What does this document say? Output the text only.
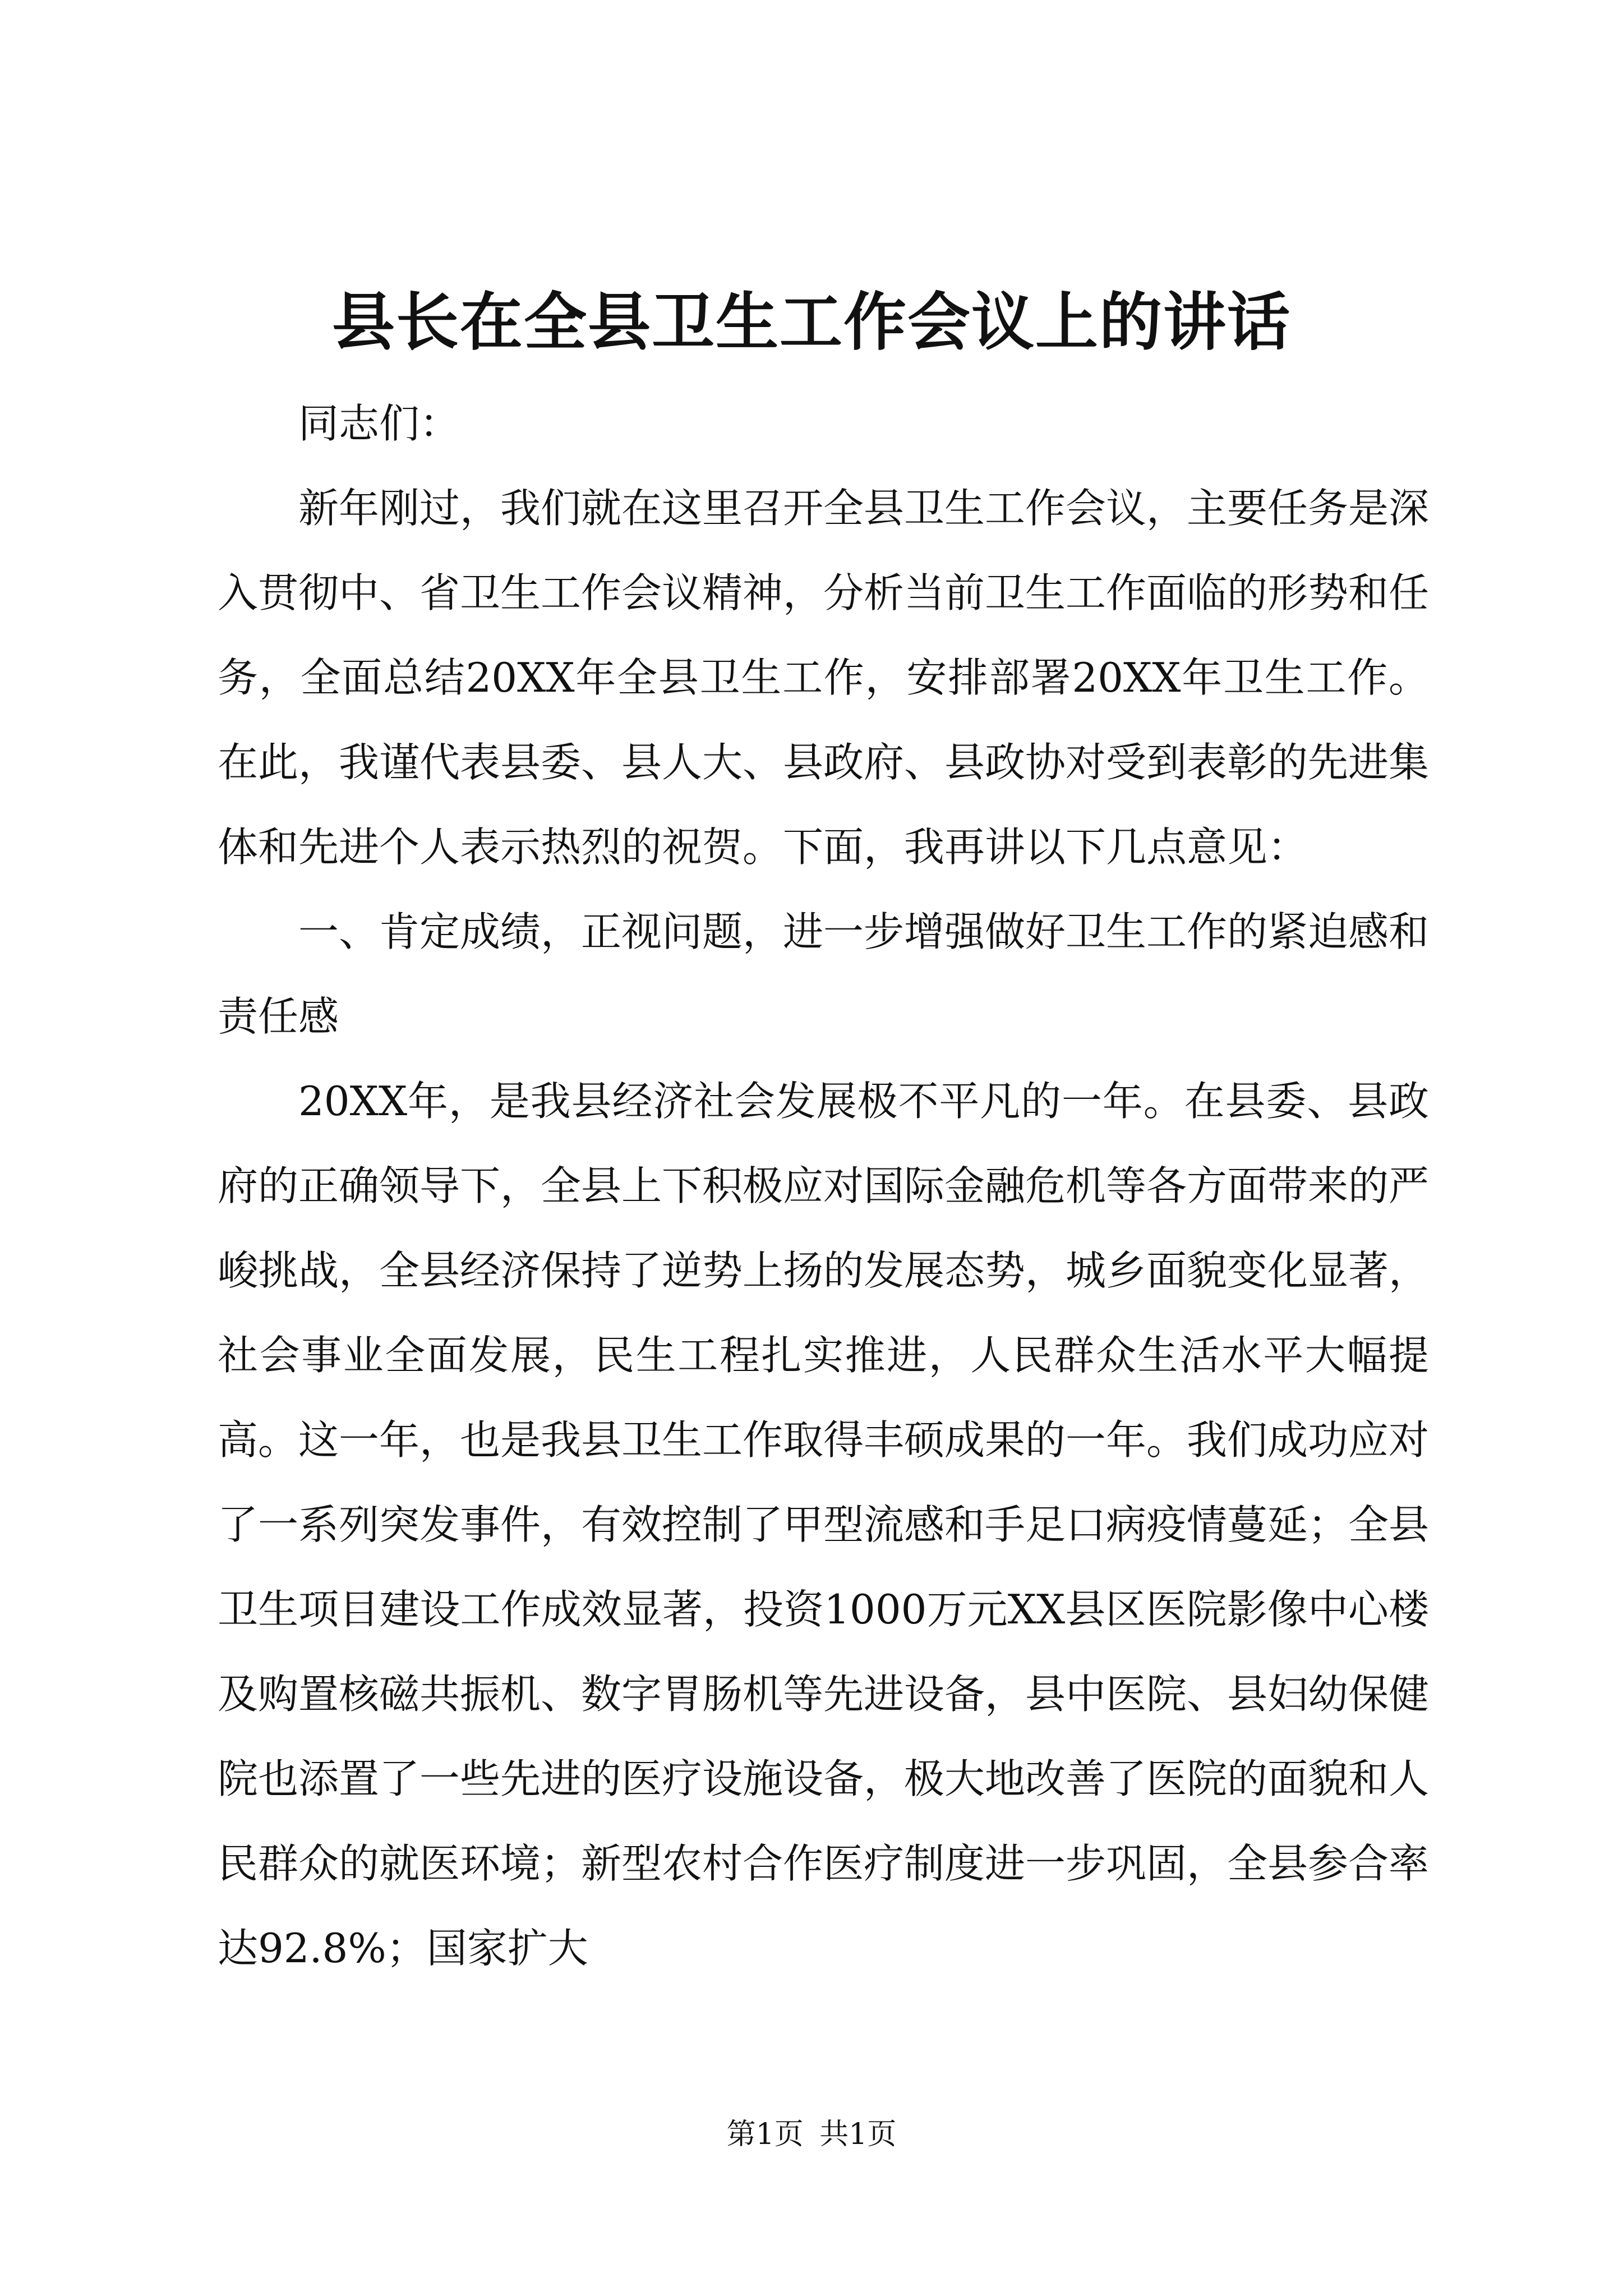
县长在全县卫生工作会议上的讲话

同志们：

新年刚过，我们就在这里召开全县卫生工作会议，主要任务是深入贯彻中、省卫生工作会议精神，分析当前卫生工作面临的形势和任务，全面总结20XX年全县卫生工作，安排部署20XX年卫生工作。在此，我谨代表县委、县人大、县政府、县政协对受到表彰的先进集体和先进个人表示热烈的祝贺。下面，我再讲以下几点意见：

一、肯定成绩，正视问题，进一步增强做好卫生工作的紧迫感和责任感

20XX年，是我县经济社会发展极不平凡的一年。在县委、县政府的正确领导下，全县上下积极应对国际金融危机等各方面带来的严峻挑战，全县经济保持了逆势上扬的发展态势，城乡面貌变化显著，社会事业全面发展，民生工程扎实推进，人民群众生活水平大幅提高。这一年，也是我县卫生工作取得丰硕成果的一年。我们成功应对了一系列突发事件，有效控制了甲型流感和手足口病疫情蔓延；全县卫生项目建设工作成效显著，投资1000万元XX县区医院影像中心楼及购置核磁共振机、数字胃肠机等先进设备，县中医院、县妇幼保健院也添置了一些先进的医疗设施设备，极大地改善了医院的面貌和人民群众的就医环境；新型农村合作医疗制度进一步巩固，全县参合率达92.8%；国家扩大

第1页 共1页
